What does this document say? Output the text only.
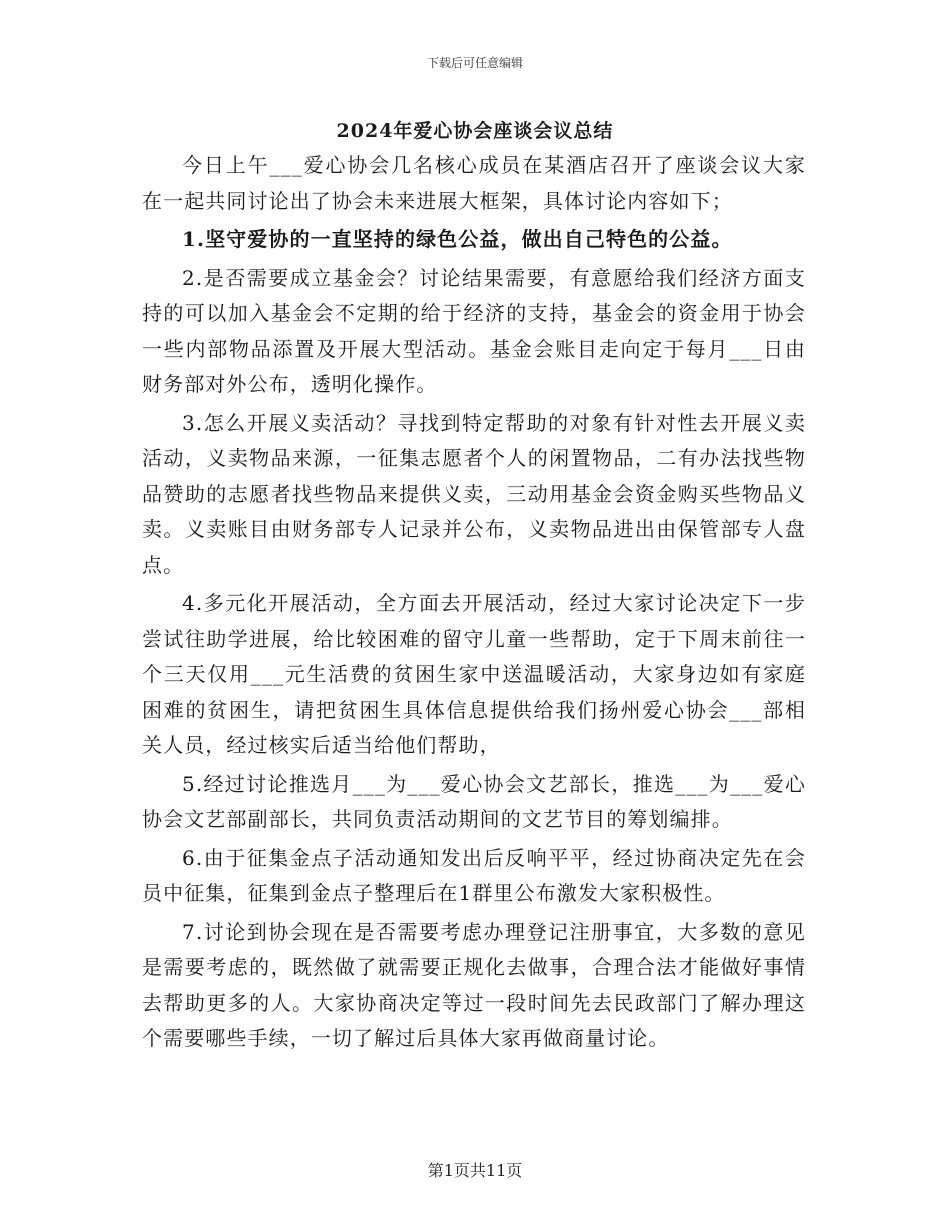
下载后可任意编辑
2024年爱心协会座谈会议总结

今日上午___爱心协会几名核心成员在某酒店召开了座谈会议大家在一起共同讨论出了协会未来进展大框架，具体讨论内容如下；

1.坚守爱协的一直坚持的绿色公益，做出自己特色的公益。

2.是否需要成立基金会？讨论结果需要，有意愿给我们经济方面支持的可以加入基金会不定期的给于经济的支持，基金会的资金用于协会一些内部物品添置及开展大型活动。基金会账目走向定于每月___日由财务部对外公布，透明化操作。

3.怎么开展义卖活动？寻找到特定帮助的对象有针对性去开展义卖活动，义卖物品来源，一征集志愿者个人的闲置物品，二有办法找些物品赞助的志愿者找些物品来提供义卖，三动用基金会资金购买些物品义卖。义卖账目由财务部专人记录并公布，义卖物品进出由保管部专人盘点。

4.多元化开展活动，全方面去开展活动，经过大家讨论决定下一步尝试往助学进展，给比较困难的留守儿童一些帮助，定于下周末前往一个三天仅用___元生活费的贫困生家中送温暖活动，大家身边如有家庭困难的贫困生，请把贫困生具体信息提供给我们扬州爱心协会___部相关人员，经过核实后适当给他们帮助，

5.经过讨论推选月___为___爱心协会文艺部长，推选___为___爱心协会文艺部副部长，共同负责活动期间的文艺节目的筹划编排。

6.由于征集金点子活动通知发出后反响平平，经过协商决定先在会员中征集，征集到金点子整理后在1群里公布激发大家积极性。

7.讨论到协会现在是否需要考虑办理登记注册事宜，大多数的意见是需要考虑的，既然做了就需要正规化去做事，合理合法才能做好事情去帮助更多的人。大家协商决定等过一段时间先去民政部门了解办理这个需要哪些手续，一切了解过后具体大家再做商量讨论。

第1页共11页
